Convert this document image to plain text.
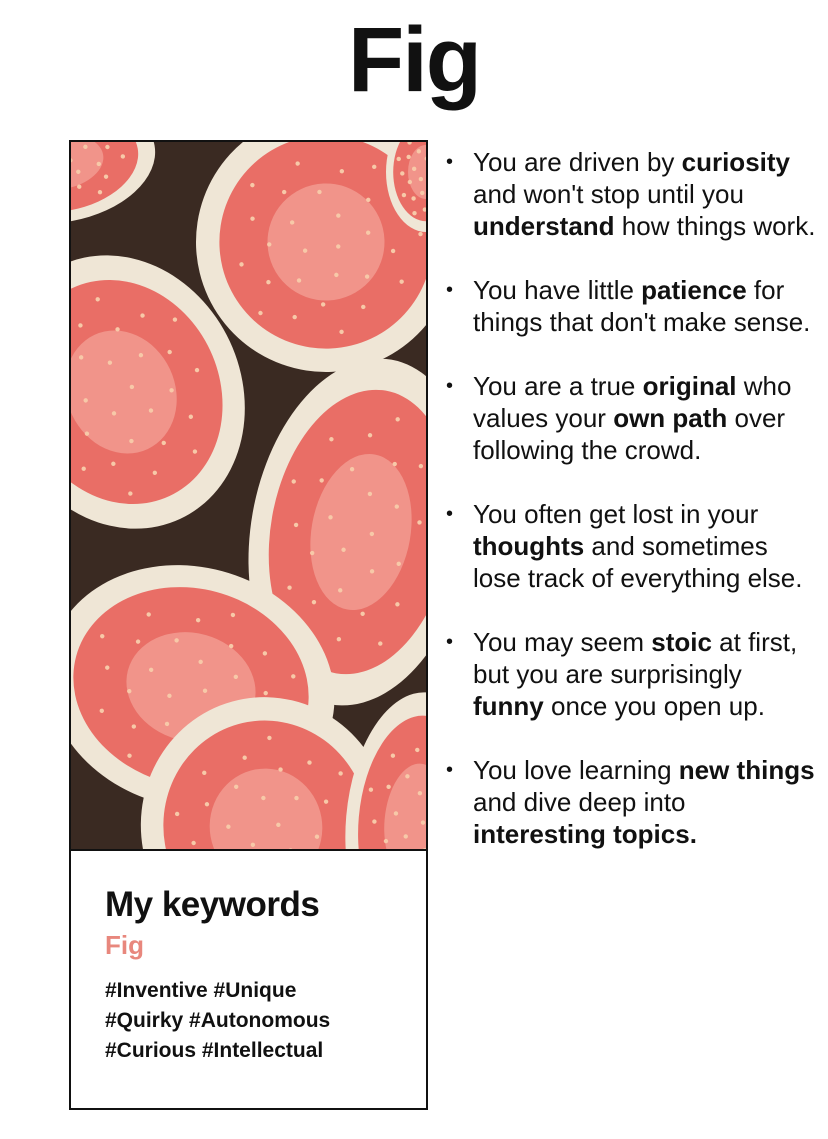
Fig
My keywords
Fig
#Inventive #Unique
#Quirky #Autonomous
#Curious #Intellectual
• You are driven by curiosity and won't stop until you understand how things work.
• You have little patience for things that don't make sense.
• You are a true original who values your own path over following the crowd.
• You often get lost in your thoughts and sometimes lose track of everything else.
• You may seem stoic at first, but you are surprisingly funny once you open up.
• You love learning new things and dive deep into interesting topics.
